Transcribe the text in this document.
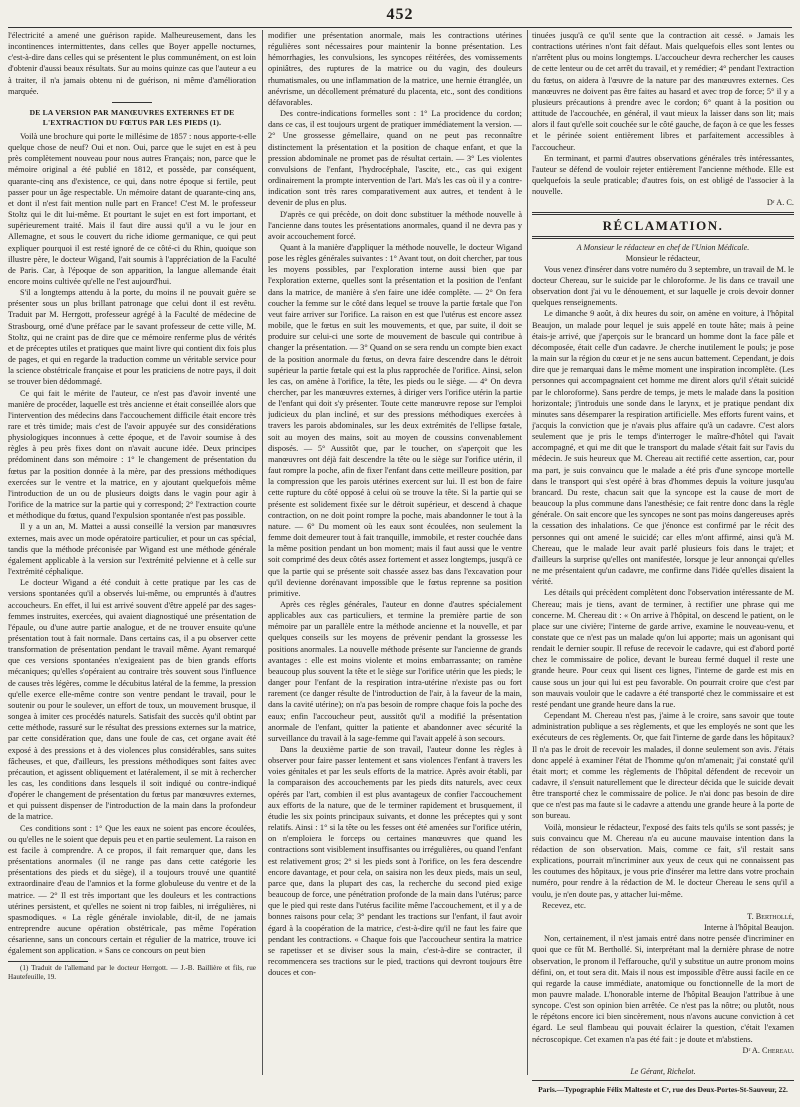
452

l'électricité a amené une guérison rapide. Malheureusement, dans les incontinences intermittentes, dans celles que Boyer appelle nocturnes, c'est-à-dire dans celles qui se présentent le plus communément, on est loin d'obtenir d'aussi beaux résultats. Sur au moins quinze cas que l'auteur a eu à traiter, il n'a jamais obtenu ni de guérison, ni même d'amélioration marquée.

DE LA VERSION PAR MANŒUVRES EXTERNES ET DE L'EXTRACTION DU FŒTUS PAR LES PIEDS (1).

Voilà une brochure qui porte le millésime de 1857 : nous apporte-t-elle quelque chose de neuf? Oui et non. Oui, parce que le sujet en est à peu près complètement nouveau pour nous autres Français; non, parce que le mémoire original a été publié en 1812, et possède, par conséquent, quarante-cinq ans d'existence, ce qui, dans notre époque si fertile, peut passer pour un âge respectable. Un mémoire datant de quarante-cinq ans, et dont il n'est fait mention nulle part en France! C'est M. le professeur Stoltz qui le dit lui-même. Et pourtant le sujet en est fort important, et supérieurement traité. Mais il faut dire aussi qu'il a vu le jour en Allemagne, et sous le couvert du riche idiome germanique, ce qui peut expliquer pourquoi il est resté ignoré de ce côté-ci du Rhin, quoique son illustre père, le docteur Wigand, l'ait soumis à l'appréciation de la Faculté de Paris. Car, à l'époque de son apparition, la langue allemande était encore moins cultivée qu'elle ne l'est aujourd'hui.

S'il a longtemps attendu à la porte, du moins il ne pouvait guère se présenter sous un plus brillant patronage que celui dont il est revêtu. Traduit par M. Herrgott, professeur agrégé à la Faculté de médecine de Strasbourg, orné d'une préface par le savant professeur de cette ville, M. Stoltz, qui ne craint pas de dire que ce mémoire renferme plus de vérités et de préceptes utiles et pratiques que maint livre qui contient dix fois plus de pages, et qui en regarde la traduction comme un véritable service pour la science obstétricale française et pour les praticiens de notre pays, il doit se trouver bien dédommagé.

Ce qui fait le mérite de l'auteur, ce n'est pas d'avoir inventé une manière de procéder, laquelle est très ancienne et était conseillée alors que l'intervention des médecins dans l'accouchement difficile était encore très rare et très timide; mais c'est de l'avoir appuyée sur des considérations physiologiques inconnues à cette époque, et de l'avoir soumise à des règles à peu près fixes dont on n'avait aucune idée. Deux principes prédominent dans son mémoire : 1° le changement de présentation du fœtus par la position donnée à la mère, par des pressions méthodiques exercées sur le ventre et la matrice, en y ajoutant quelquefois même l'introduction de un ou de plusieurs doigts dans le vagin pour agir à l'orifice de la matrice sur la partie qui y correspond; 2° l'extraction courte et méthodique du fœtus, quand l'expulsion spontanée n'est pas possible.

Il y a un an, M. Mattei a aussi conseillé la version par manœuvres externes, mais avec un mode opératoire particulier, et pour un cas spécial, tandis que la méthode préconisée par Wigand est une méthode générale également applicable à la version sur l'extrémité pelvienne et à celle sur l'extrémité céphalique.

Le docteur Wigand a été conduit à cette pratique par les cas de versions spontanées qu'il a observés lui-même, ou empruntés à d'autres accoucheurs. En effet, il lui est arrivé souvent d'être appelé par des sages-femmes instruites, exercées, qui avaient diagnostiqué une présentation de l'épaule, ou d'une autre partie analogue, et de ne trouver ensuite qu'une présentation tout à fait normale. Dans certains cas, il a pu observer cette transformation de présentation pendant le travail même. Ayant remarqué que ces versions spontanées n'exigeaient pas de bien grands efforts mécaniques; qu'elles s'opéraient au contraire très souvent sous l'influence de causes très légères, comme le décubitus latéral de la femme, la pression qu'elle exerce elle-même contre son ventre pendant le travail, pour le soutenir ou pour le soulever, un effort de toux, un mouvement brusque, il songea à imiter ces procédés naturels. Satisfait des succès qu'il obtint par cette méthode, rassuré sur le résultat des pressions externes sur la matrice, par cette considération que, dans une foule de cas, cet organe avait été exposé à des pressions et à des violences plus considérables, sans suites fâcheuses, et que, d'ailleurs, les pressions méthodiques sont faites avec précaution, et agissent obliquement et latéralement, il se mit à rechercher les cas, les conditions dans lesquels il soit indiqué ou contre-indiqué d'opérer le changement de présentation du fœtus par manœuvres externes, et qui puissent dispenser de l'introduction de la main dans la profondeur de la matrice.

Ces conditions sont : 1° Que les eaux ne soient pas encore écoulées, ou qu'elles ne le soient que depuis peu et en partie seulement. La raison en est facile à comprendre. A ce propos, il fait remarquer que, dans les présentations anormales (il ne range pas dans cette catégorie les présentations des pieds et du siège), il a toujours trouvé une quantité extraordinaire d'eau de l'amnios et la forme globuleuse du ventre et de la matrice. — 2° Il est très important que les douleurs et les contractions utérines persistent, et qu'elles ne soient ni trop faibles, ni irrégulières, ni spasmodiques. « La règle générale inviolable, dit-il, de ne jamais entreprendre aucune opération obstétricale, pas même l'opération césarienne, sans un concours certain et régulier de la matrice, trouve ici également son application. » Sans ce concours on peut bien

(1) Traduit de l'allemand par le docteur Herrgott. — J.-B. Baillière et fils, rue Hautefeuille, 19.

modifier une présentation anormale, mais les contractions utérines régulières sont nécessaires pour maintenir la bonne présentation. Les hémorrhagies, les convulsions, les syncopes réitérées, des vomissements opiniâtres, des ruptures de la matrice ou du vagin, des douleurs rhumatismales, ou une inflammation de la matrice, une hernie étranglée, un anévrisme, un décollement prématuré du placenta, etc., sont des conditions défavorables.

Des contre-indications formelles sont : 1° La procidence du cordon; dans ce cas, il est toujours urgent de pratiquer immédiatement la version. — 2° Une grossesse gémellaire, quand on ne peut pas reconnaître distinctement la présentation et la position de chaque enfant, et que la pression abdominale ne promet pas de résultat certain. — 3° Les violentes convulsions de l'enfant, l'hydrocéphale, l'ascite, etc., cas qui exigent ordinairement la prompte intervention de l'art. Ma's les cas où il y a contre-indication sont très rares comparativement aux autres, et tendent à le devenir de plus en plus.

D'après ce qui précède, on doit donc substituer la méthode nouvelle à l'ancienne dans toutes les présentations anormales, quand il ne devra pas y avoir accouchement forcé.

Quant à la manière d'appliquer la méthode nouvelle, le docteur Wigand pose les règles générales suivantes : 1° Avant tout, on doit chercher, par tous les moyens possibles, par l'exploration interne aussi bien que par l'exploration externe, quelles sont la présentation et la position de l'enfant dans la matrice, de manière à s'en faire une idée complète. — 2° On fera coucher la femme sur le côté dans lequel se trouve la partie fœtale que l'on veut faire arriver sur l'orifice. La raison en est que l'utérus est encore assez mobile, que le fœtus en suit les mouvements, et que, par suite, il doit se produire sur celui-ci une sorte de mouvement de bascule qui contribue à changer la présentation. — 3° Quand on se sera rendu un compte bien exact de la position anormale du fœtus, on devra faire descendre dans le détroit supérieur la partie fœtale qui est la plus rapprochée de l'orifice. Ainsi, selon les cas, on amène à l'orifice, la tête, les pieds ou le siège. — 4° On devra chercher, par les manœuvres externes, à diriger vers l'orifice utérin la partie de l'enfant qui doit s'y présenter. Toute cette manœuvre repose sur l'emploi judicieux du plan incliné, et sur des pressions méthodiques exercées à travers les parois abdominales, sur les deux extrémités de l'ellipse fœtale, soit au moyen des mains, soit au moyen de coussins convenablement disposés. — 5° Aussitôt que, par le toucher, on s'aperçoit que les manœuvres ont déjà fait descendre la tête ou le siège sur l'orifice utérin, il faut rompre la poche, afin de fixer l'enfant dans cette meilleure position, par la compression que les parois utérines exercent sur lui. Il est bon de faire cette rupture du côté opposé à celui où se trouve la tête. Si la partie qui se présente est solidement fixée sur le détroit supérieur, et descend à chaque contraction, on ne doit point rompre la poche, mais abandonner le tout à la nature. — 6° Du moment où les eaux sont écoulées, non seulement la femme doit demeurer tout à fait tranquille, immobile, et rester couchée dans la même position pendant un bon moment; mais il faut aussi que le ventre soit comprimé des deux côtés assez fortement et assez longtemps, jusqu'à ce que la partie qui se présente soit chassée assez bas dans l'excavation pour qu'il devienne dorénavant impossible que le fœtus reprenne sa position primitive.

Après ces règles générales, l'auteur en donne d'autres spécialement applicables aux cas particuliers, et termine la première partie de son mémoire par un parallèle entre la méthode ancienne et la nouvelle, et par quelques conseils sur les moyens de prévenir pendant la grossesse les positions anormales. La nouvelle méthode présente sur l'ancienne de grands avantages : elle est moins violente et moins embarrassante; on ramène beaucoup plus souvent la tête et le siège sur l'orifice utérin que les pieds; le danger pour l'enfant de la respiration intra-utérine n'existe pas ou fort rarement (ce danger résulte de l'introduction de l'air, à la faveur de la main, dans la cavité utérine); on n'a pas besoin de rompre chaque fois la poche des eaux; enfin l'accoucheur peut, aussitôt qu'il a modifié la présentation anormale de l'enfant, quitter la patiente et abandonner avec sécurité la surveillance du travail à la sage-femme qui l'avait appelé à son secours.

Dans la deuxième partie de son travail, l'auteur donne les règles à observer pour faire passer lentement et sans violences l'enfant à travers les voies génitales et par les seuls efforts de la matrice. Après avoir établi, par la comparaison des accouchements par les pieds dits naturels, avec ceux opérés par l'art, combien il est plus avantageux de confier l'accouchement aux efforts de la nature, que de le terminer rapidement et brusquement, il étudie les six points principaux suivants, et donne les préceptes qui y sont relatifs. Ainsi : 1° si la tête ou les fesses ont été amenées sur l'orifice utérin, on n'emploiera le forceps ou certaines manœuvres que quand les contractions sont visiblement insuffisantes ou irrégulières, ou quand l'enfant est relativement gros; 2° si les pieds sont à l'orifice, on les fera descendre encore davantage, et pour cela, on saisira non les deux pieds, mais un seul, parce que, dans la plupart des cas, la recherche du second pied exige beaucoup de force, une pénétration profonde de la main dans l'utérus; parce que le pied qui reste dans l'utérus facilite même l'accouchement, et il y a de bonnes raisons pour cela; 3° pendant les tractions sur l'enfant, il faut avoir égard à la coopération de la matrice, c'est-à-dire qu'il ne faut les faire que pendant les contractions. « Chaque fois que l'accoucheur sentira la matrice se rapetisser et se diviser sous la main, c'est-à-dire se contracter, il recommencera ses tractions sur le pied, tractions qui devront toujours être douces et con-

tinuées jusqu'à ce qu'il sente que la contraction ait cessé. » Jamais les contractions utérines n'ont fait défaut. Mais quelquefois elles sont lentes ou n'arrêtent plus ou moins longtemps. L'accoucheur devra rechercher les causes de cette lenteur ou de cet arrêt du travail, et y remédier; 4° pendant l'extraction du fœtus, on aidera à l'œuvre de la nature par des manœuvres externes. Ces manœuvres ne doivent pas être faites au hasard et avec trop de force; 5° il y a plusieurs précautions à prendre avec le cordon; 6° quant à la position ou attitude de l'accouchée, en général, il vaut mieux la laisser dans son lit; mais alors il faut qu'elle soit couchée sur le côté gauche, de façon à ce que les fesses et le périnée soient entièrement libres et parfaitement accessibles à l'accoucheur.

En terminant, et parmi d'autres observations générales très intéressantes, l'auteur se défend de vouloir rejeter entièrement l'ancienne méthode. Elle est quelquefois la seule praticable; d'autres fois, on est obligé de l'associer à la nouvelle.

Dʳ A. C.

RÉCLAMATION.

A Monsieur le rédacteur en chef de l'Union Médicale.

Monsieur le rédacteur,

Vous venez d'insérer dans votre numéro du 3 septembre, un travail de M. le docteur Chereau, sur le suicide par le chloroforme. Je lis dans ce travail une observation dont j'ai vu le dénouement, et sur laquelle je crois devoir donner quelques renseignements.

Le dimanche 9 août, à dix heures du soir, on amène en voiture, à l'hôpital Beaujon, un malade pour lequel je suis appelé en toute hâte; mais à peine étais-je arrivé, que j'aperçois sur le brancard un homme dont la face pâle et décomposée, était celle d'un cadavre. Je cherche inutilement le pouls; je pose la main sur la région du cœur et je ne sens aucun battement. Cependant, je dois dire que je remarquai dans le même moment une inspiration incomplète. (Les personnes qui accompagnaient cet homme me dirent alors qu'il s'était suicidé par le chloroforme). Sans perdre de temps, je mets le malade dans la position horizontale; j'introduis une sonde dans le larynx, et je pratique pendant dix minutes sans désemparer la respiration artificielle. Mes efforts furent vains, et j'acquis la conviction que je n'avais plus affaire qu'à un cadavre. C'est alors seulement que je pris le temps d'interroger le maître-d'hôtel qui l'avait accompagné, et qui me dit que le transport du malade s'était fait sur l'avis du médecin. Je suis heureux que M. Chereau ait rectifié cette assertion, car, pour ma part, je suis convaincu que le malade a été pris d'une syncope mortelle dans le transport qui s'est opéré à bras d'hommes depuis la voiture jusqu'au brancard. Du reste, chacun sait que la syncope est la cause de mort de beaucoup la plus commune dans l'anesthésie; ce fait rentre donc dans la règle générale. On sait encore que les syncopes ne sont pas moins dangereuses après la cessation des inhalations. Ce que j'énonce est confirmé par le récit des personnes qui ont amené le suicidé; car elles m'ont affirmé, ainsi qu'à M. Chereau, que le malade leur avait parlé plusieurs fois dans le trajet; et d'ailleurs la surprise qu'elles ont manifestée, lorsque je leur annonçai qu'elles ne me présentaient qu'un cadavre, me confirme dans l'idée qu'elles disaient la vérité.

Les détails qui précèdent complètent donc l'observation intéressante de M. Chereau; mais je tiens, avant de terminer, à rectifier une phrase qui me concerne. M. Chereau dit : « On arrive à l'hôpital, on descend le patient, on le place sur une civière; l'interne de garde arrive, examine le nouveau-venu, et constate que ce n'est pas un malade qu'on lui apporte; mais un agonisant qui rendait le dernier soupir. Il refuse de recevoir le cadavre, qui est d'abord porté chez le commissaire de police, devant le bureau fermé duquel il reste une grande heure. Pour ceux qui lisent ces lignes, l'interne de garde est mis en cause sous un jour qui lui est peu favorable. On pourrait croire que c'est par son mauvais vouloir que le cadavre a été transporté chez le commissaire et est resté pendant une grande heure dans la rue.

Cependant M. Chereau n'est pas, j'aime à le croire, sans savoir que toute administration publique a ses règlements, et que les employés ne sont que les exécuteurs de ces règlements. Or, que fait l'interne de garde dans les hôpitaux? Il n'a pas le droit de recevoir les malades, il donne seulement son avis. J'étais donc appelé à examiner l'état de l'homme qu'on m'amenait; j'ai constaté qu'il était mort; et comme les règlements de l'hôpital défendent de recevoir un cadavre, il s'ensuit naturellement que le directeur décida que le suicide devait être transporté chez le commissaire de police. Je n'ai donc pas besoin de dire que ce n'est pas ma faute si le cadavre a attendu une grande heure à la porte de son bureau.

Voilà, monsieur le rédacteur, l'exposé des faits tels qu'ils se sont passés; je suis convaincu que M. Chereau n'a eu aucune mauvaise intention dans la rédaction de son observation. Mais, comme ce fait, s'il restait sans explications, pourrait m'incriminer aux yeux de ceux qui ne connaissent pas les coutumes des hôpitaux, je vous prie d'insérer ma lettre dans votre prochain numéro, pour rendre à la rédaction de M. le docteur Chereau le sens qu'il a voulu, je n'en doute pas, y attacher lui-même.

Recevez, etc.

T. Berthollé,

Interne à l'hôpital Beaujon.

Non, certainement, il n'est jamais entré dans notre pensée d'incriminer en quoi que ce fût M. Berthollé. Si, interprétant mal la dernière phrase de notre observation, le pronom il l'effarouche, qu'il y substitue un autre pronom moins défini, on, et tout sera dit. Mais il nous est impossible d'être aussi facile en ce qui regarde la cause immédiate, anatomique ou fonctionnelle de la mort de mon pauvre malade. L'honorable interne de l'hôpital Beaujon l'attribue à une syncope. C'est son opinion bien arrêtée. Ce n'est pas la nôtre; ou plutôt, nous le répétons encore ici bien sincèrement, nous n'avons aucune conviction à cet égard. Le seul flambeau qui pouvait éclairer la question, c'était l'examen nécroscopique. Cet examen n'a pas été fait : je doute et m'abstiens.

Dʳ A. Chereau.

Le Gérant, Richelot.
Paris.—Typographie Félix Malteste et Cᵉ, rue des Deux-Portes-St-Sauveur, 22.
